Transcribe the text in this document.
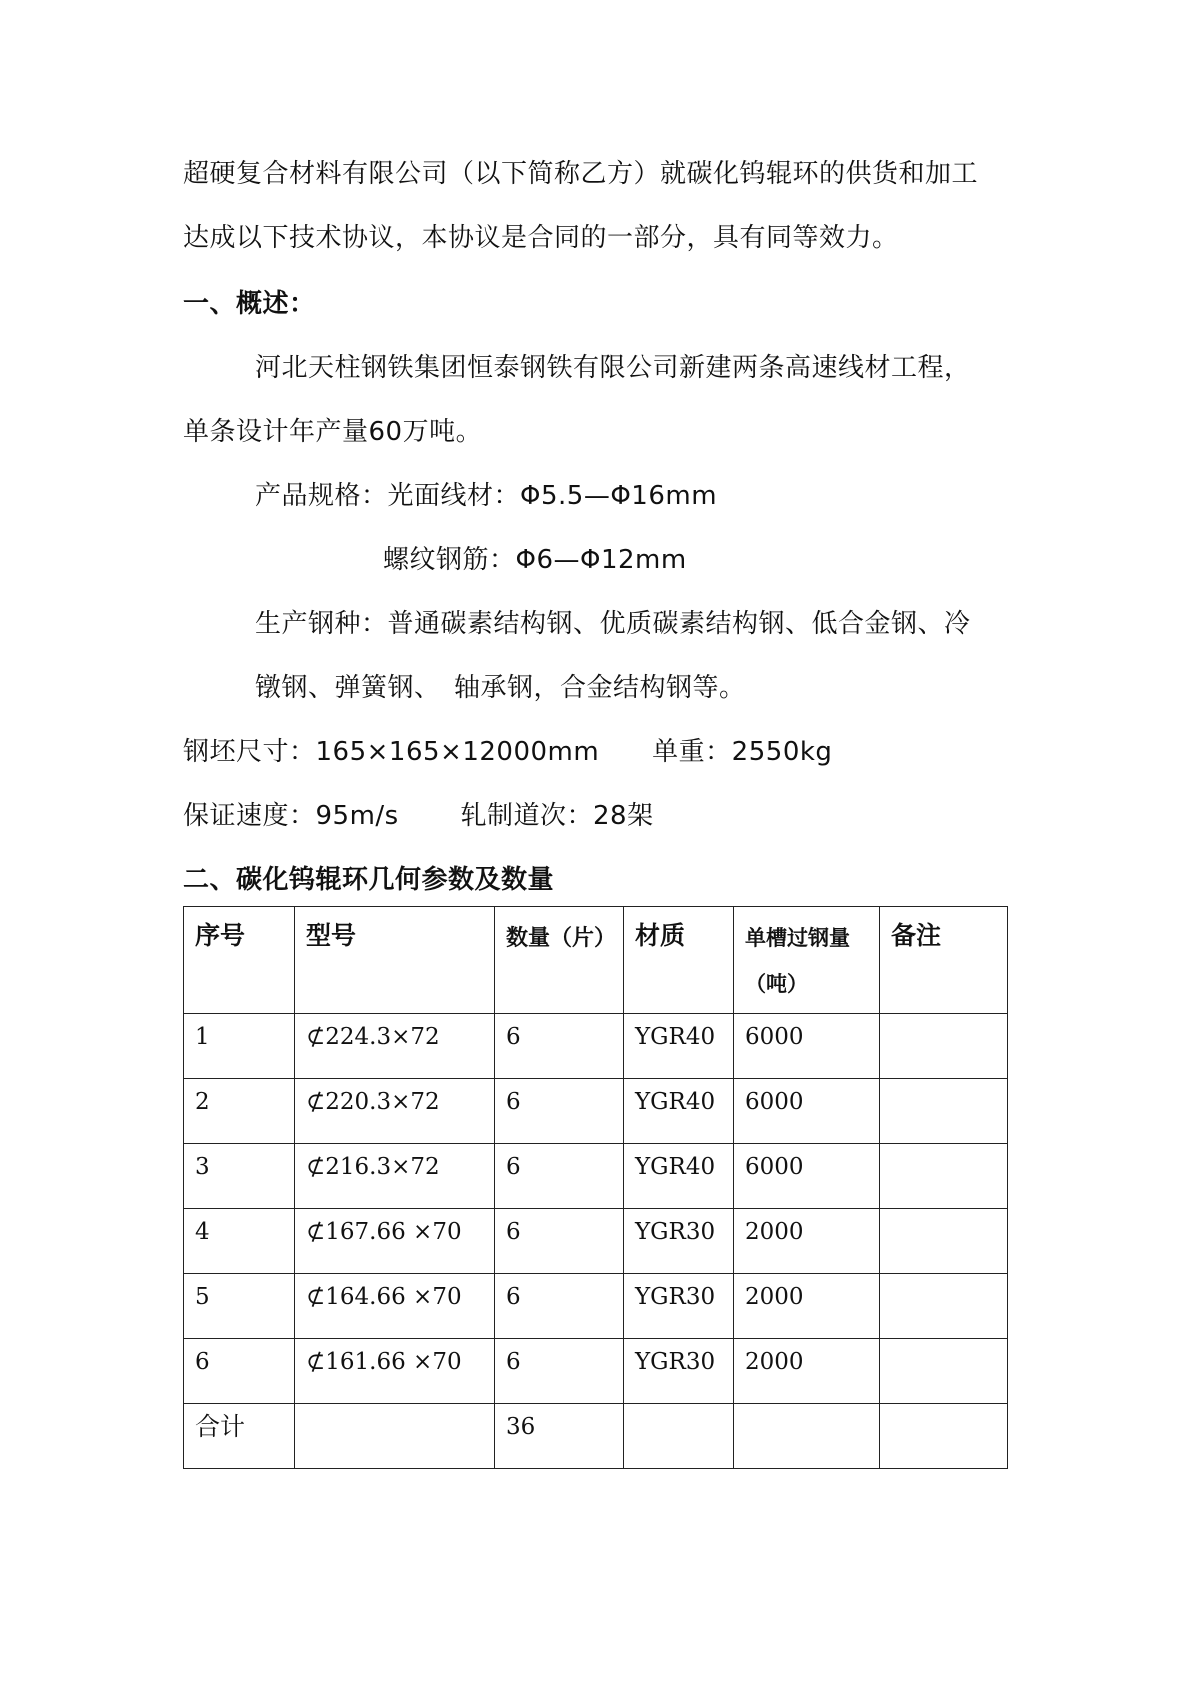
超硬复合材料有限公司（以下简称乙方）就碳化钨辊环的供货和加工
达成以下技术协议，本协议是合同的一部分，具有同等效力。
一、概述：
河北天柱钢铁集团恒泰钢铁有限公司新建两条高速线材工程，
单条设计年产量60万吨。
产品规格：光面线材：Φ5.5—Φ16mm
螺纹钢筋：Φ6—Φ12mm
生产钢种：普通碳素结构钢、优质碳素结构钢、低合金钢、冷
镦钢、弹簧钢、　轴承钢，合金结构钢等。
钢坯尺寸：165×165×12000mm　　单重：2550kg
保证速度：95m/s　　 轧制道次：28架
二、碳化钨辊环几何参数及数量
序号	型号	数量（片）	材质	单槽过钢量（吨）	备注
1	⊄224.3×72	6	YGR40	6000	
2	⊄220.3×72	6	YGR40	6000	
3	⊄216.3×72	6	YGR40	6000	
4	⊄167.66 ×70	6	YGR30	2000	
5	⊄164.66 ×70	6	YGR30	2000	
6	⊄161.66 ×70	6	YGR30	2000	
合计		36			
